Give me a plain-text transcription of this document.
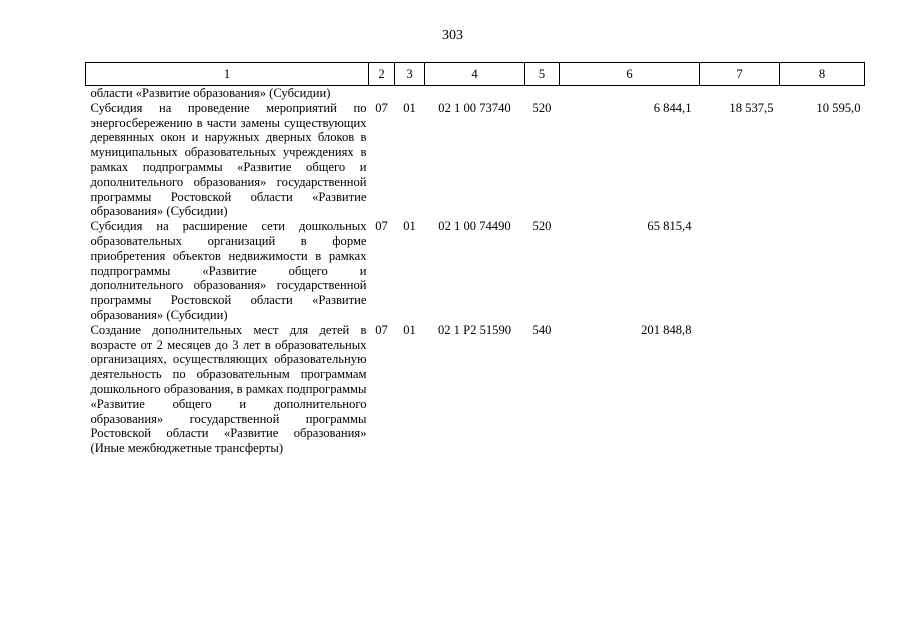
303
1	2	3	4	5	6	7	8
области «Развитие образования» (Субсидии)							
Субсидия на проведение мероприятий по энергосбережению в части замены существующих деревянных окон и наружных дверных блоков в муниципальных образовательных учреждениях в рамках подпрограммы «Развитие общего и дополнительного образования» государственной программы Ростовской области «Развитие образования» (Субсидии)	07	01	02 1 00 73740	520	6 844,1	18 537,5	10 595,0
Субсидия на расширение сети дошкольных образовательных организаций в форме приобретения объектов недвижимости в рамках подпрограммы «Развитие общего и дополнительного образования» государственной программы Ростовской области «Развитие образования» (Субсидии)	07	01	02 1 00 74490	520	65 815,4		
Создание дополнительных мест для детей в возрасте от 2 месяцев до 3 лет в образовательных организациях, осуществляющих образовательную деятельность по образовательным программам дошкольного образования, в рамках подпрограммы «Развитие общего и дополнительного образования» государственной программы Ростовской области «Развитие образования» (Иные межбюджетные трансферты)	07	01	02 1 P2 51590	540	201 848,8		
